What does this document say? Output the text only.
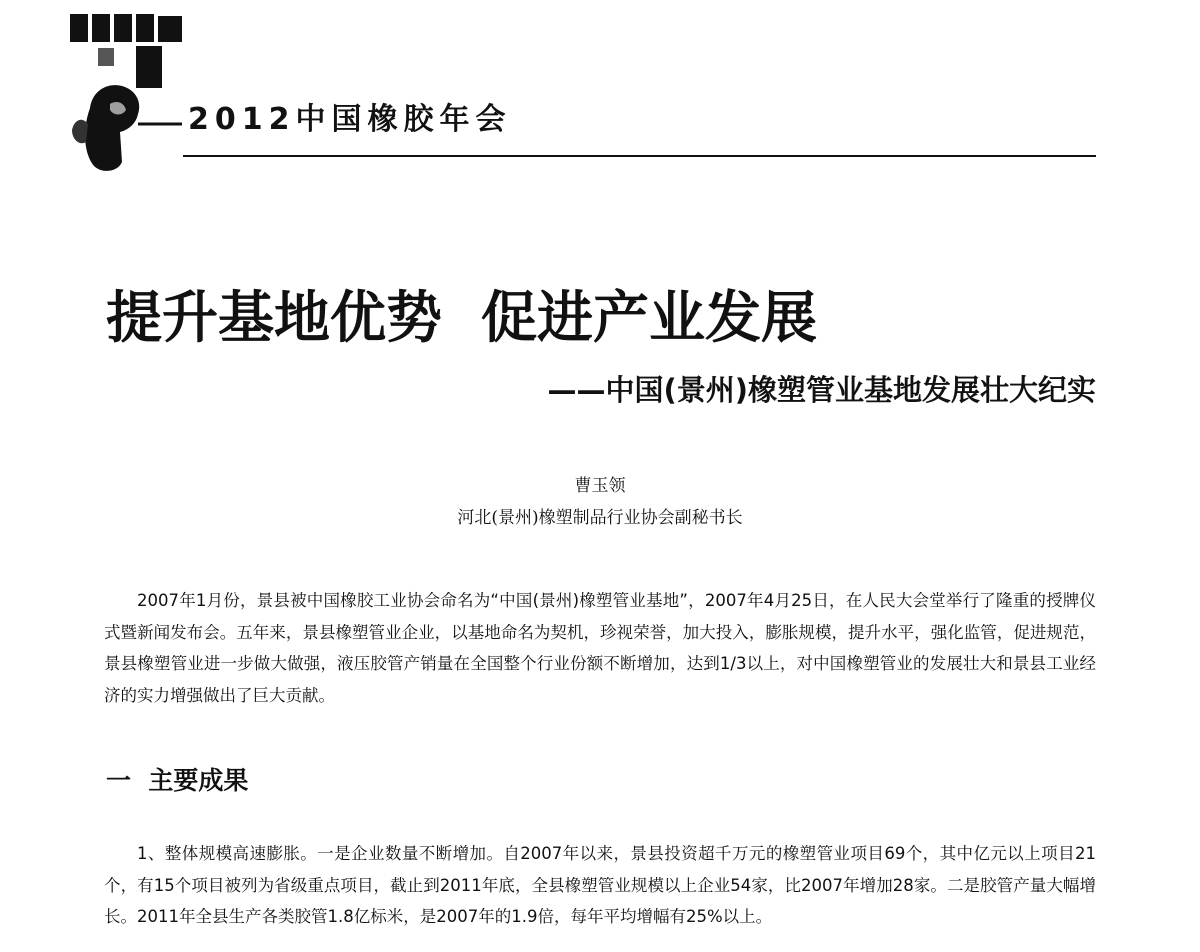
2012中国橡胶年会
提升基地优势  促进产业发展
——中国(景州)橡塑管业基地发展壮大纪实
曹玉领
河北(景州)橡塑制品行业协会副秘书长

2007年1月份，景县被中国橡胶工业协会命名为“中国(景州)橡塑管业基地”，2007年4月25日，在人民大会堂举行了隆重的授牌仪式暨新闻发布会。五年来，景县橡塑管业企业，以基地命名为契机，珍视荣誉，加大投入，膨胀规模，提升水平，强化监管，促进规范，景县橡塑管业进一步做大做强，液压胶管产销量在全国整个行业份额不断增加，达到1/3以上，对中国橡塑管业的发展壮大和景县工业经济的实力增强做出了巨大贡献。

一  主要成果

1、整体规模高速膨胀。一是企业数量不断增加。自2007年以来，景县投资超千万元的橡塑管业项目69个，其中亿元以上项目21个，有15个项目被列为省级重点项目，截止到2011年底，全县橡塑管业规模以上企业54家，比2007年增加28家。二是胶管产量大幅增长。2011年全县生产各类胶管1.8亿标米，是2007年的1.9倍，每年平均增幅有25%以上。
